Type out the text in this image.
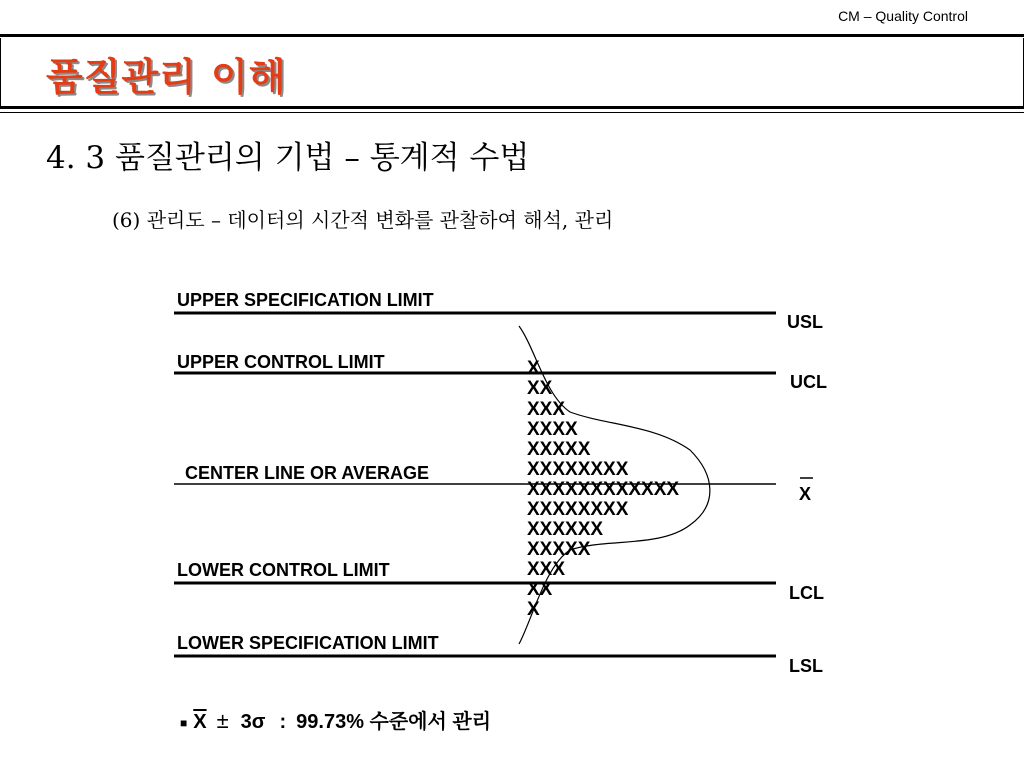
CM – Quality Control
품질관리 이해
4. 3 품질관리의 기법 – 통계적 수법
(6) 관리도 – 데이터의 시간적 변화를 관찰하여 해석, 관리
UPPER SPECIFICATION LIMIT
UPPER CONTROL LIMIT
CENTER LINE OR AVERAGE
LOWER CONTROL LIMIT
LOWER SPECIFICATION LIMIT
USL
UCL
X
LCL
LSL
X
XX
XXX
XXXX
XXXXX
XXXXXXXX
XXXXXXXXXXXX
XXXXXXXX
XXXXXX
XXXXX
XXX
XX
X
■ $\overline{X} \pm 3\sigma$ : 99.73% 수준에서 관리
